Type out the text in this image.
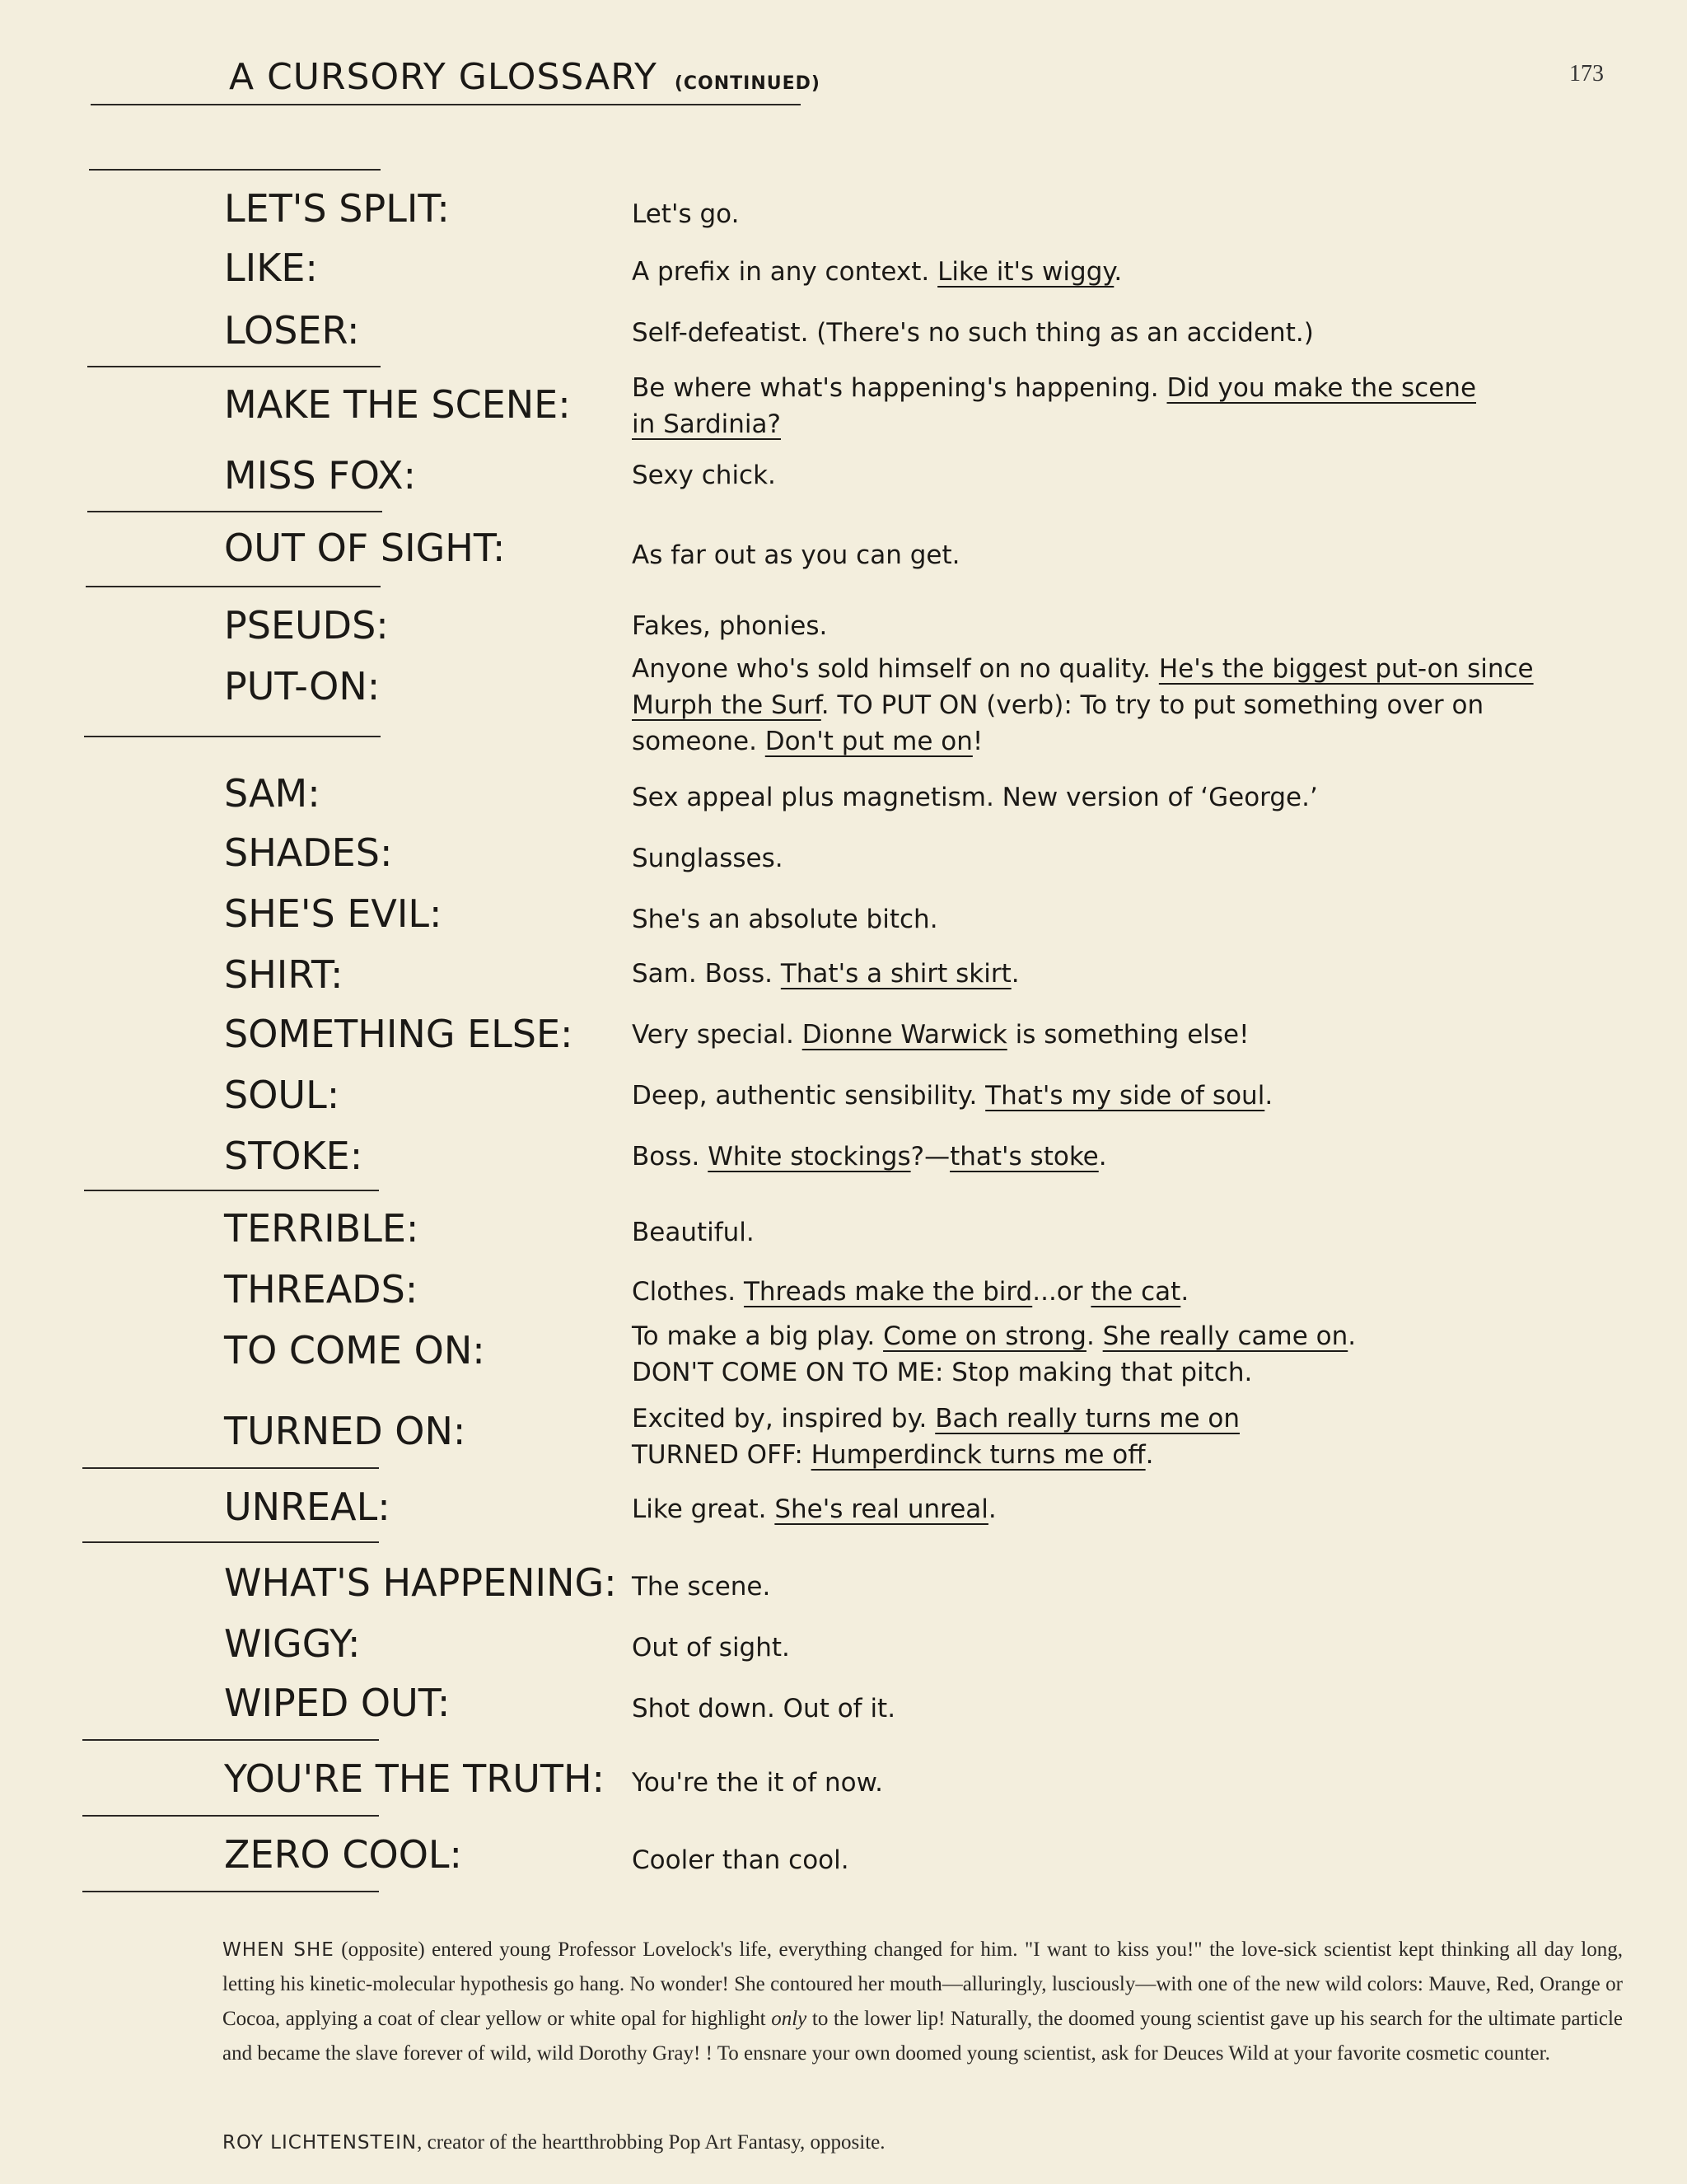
A CURSORY GLOSSARY (CONTINUED)	173
LET'S SPLIT:	Let's go.
LIKE:	A prefix in any context. Like it's wiggy.
LOSER:	Self-defeatist. (There's no such thing as an accident.)
MAKE THE SCENE: Be where what's happening's happening. Did you make the scene
in Sardinia?
MISS FOX:	Sexy chick.
OUT OF SIGHT:	As far out as you can get.
PSEUDS:	Fakes, phonies.
PUT-ON:	Anyone who's sold himself on no quality. He's the biggest put-on since
Murph the Surf. TO PUT ON (verb): To try to put something over on
someone. Don't put me on!
SAM:	Sex appeal plus magnetism. New version of ‘George.’
SHADES:	Sunglasses.
SHE'S EVIL:	She's an absolute bitch.
SHIRT:	Sam. Boss. That's a shirt skirt.
SOMETHING ELSE: Very special. Dionne Warwick is something else!
SOUL:	Deep, authentic sensibility. That's my side of soul.
STOKE:	Boss. White stockings?—that's stoke.
TERRIBLE:	Beautiful.
THREADS:	Clothes. Threads make the bird...or the cat.
TO COME ON:	To make a big play. Come on strong. She really came on.
DON'T COME ON TO ME: Stop making that pitch.
TURNED ON:	Excited by, inspired by. Bach really turns me on
TURNED OFF: Humperdinck turns me off.
UNREAL:	Like great. She's real unreal.
WHAT'S HAPPENING: The scene.
WIGGY:	Out of sight.
WIPED OUT:	Shot down. Out of it.
YOU'RE THE TRUTH: You're the it of now.
ZERO COOL:	Cooler than cool.
WHEN SHE (opposite) entered young Professor Lovelock's life, everything changed for him. "I want to kiss you!" the love-sick scientist kept thinking all day long, letting his kinetic-molecular hypothesis go hang. No wonder! She contoured her mouth—alluringly, lusciously—with one of the new wild colors: Mauve, Red, Orange or Cocoa, applying a coat of clear yellow or white opal for highlight only to the lower lip! Naturally, the doomed young scientist gave up his search for the ultimate particle and became the slave forever of wild, wild Dorothy Gray! ! To ensnare your own doomed young scientist, ask for Deuces Wild at your favorite cosmetic counter.
ROY LICHTENSTEIN, creator of the heartthrobbing Pop Art Fantasy, opposite.
